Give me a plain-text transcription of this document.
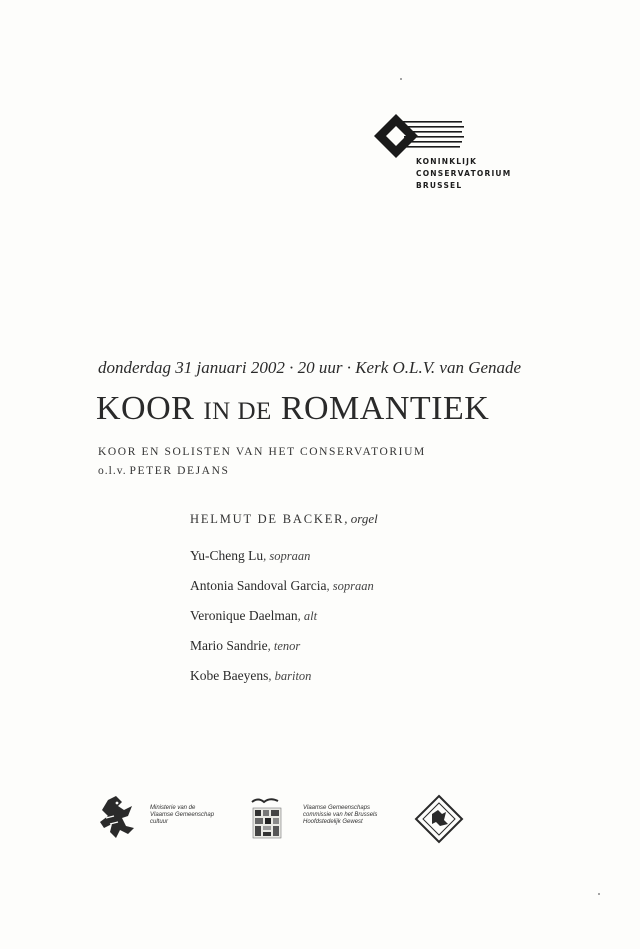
KONINKLIJK
CONSERVATORIUM
BRUSSEL
donderdag 31 januari 2002 · 20 uur · Kerk O.L.V. van Genade
KOOR IN DE ROMANTIEK
KOOR EN SOLISTEN VAN HET CONSERVATORIUM
o.l.v. PETER DEJANS
HELMUT DE BACKER, orgel
Yu-Cheng Lu, sopraan
Antonia Sandoval Garcia, sopraan
Veronique Daelman, alt
Mario Sandrie, tenor
Kobe Baeyens, bariton
Ministerie van de
Vlaamse Gemeenschap
cultuur
Vlaamse Gemeenschaps
commissie van het Brussels
Hoofdstedelijk Gewest
